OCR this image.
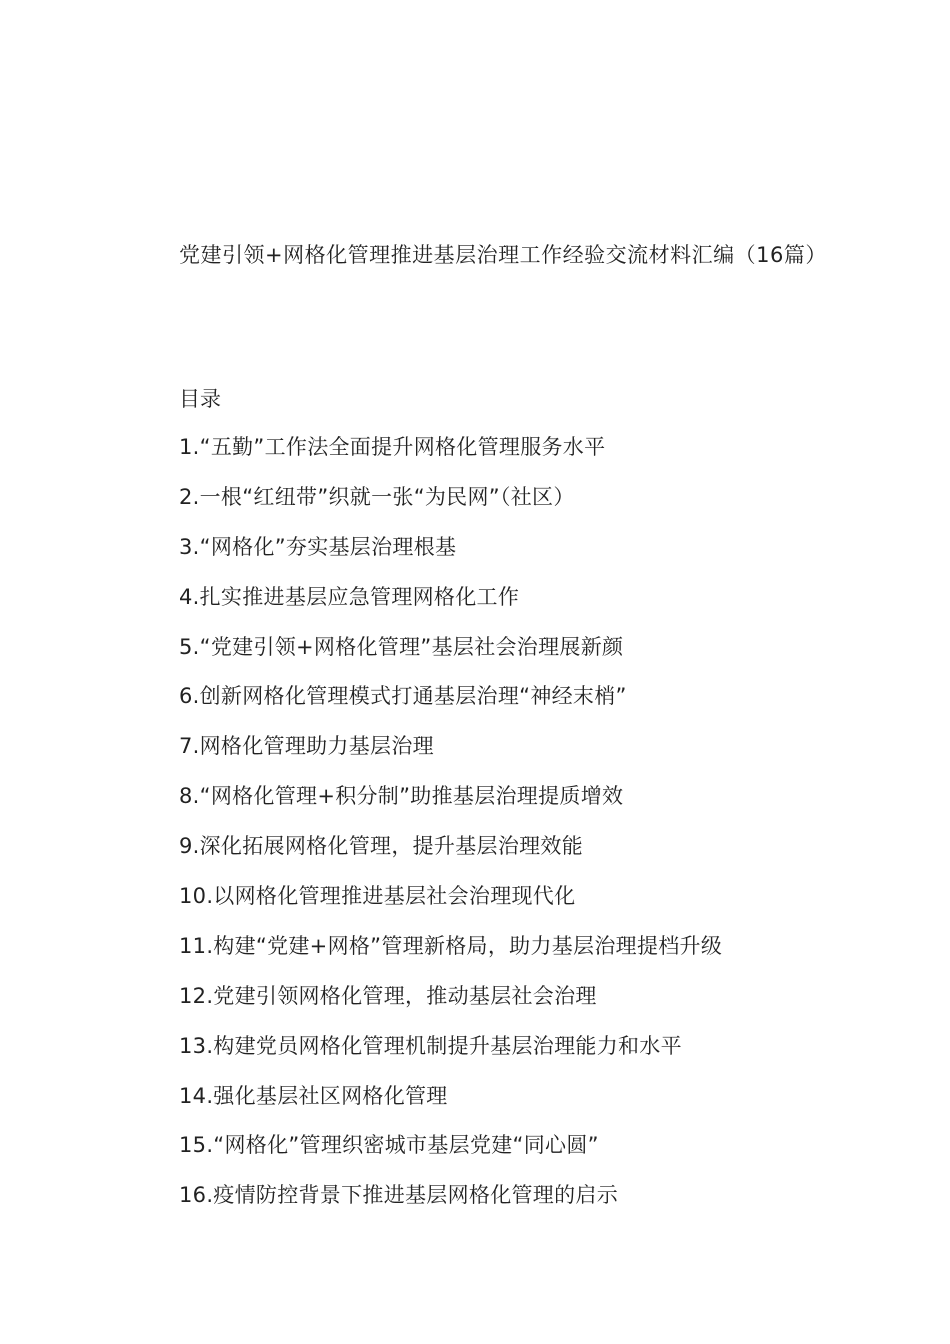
党建引领+网格化管理推进基层治理工作经验交流材料汇编（16篇）

目录

1.“五勤”工作法全面提升网格化管理服务水平
2.一根“红纽带”织就一张“为民网”（社区）
3.“网格化”夯实基层治理根基
4.扎实推进基层应急管理网格化工作
5.“党建引领+网格化管理”基层社会治理展新颜
6.创新网格化管理模式打通基层治理“神经末梢”
7.网格化管理助力基层治理
8.“网格化管理+积分制”助推基层治理提质增效
9.深化拓展网格化管理，提升基层治理效能
10.以网格化管理推进基层社会治理现代化
11.构建“党建+网格”管理新格局，助力基层治理提档升级
12.党建引领网格化管理，推动基层社会治理
13.构建党员网格化管理机制提升基层治理能力和水平
14.强化基层社区网格化管理
15.“网格化”管理织密城市基层党建“同心圆”
16.疫情防控背景下推进基层网格化管理的启示
